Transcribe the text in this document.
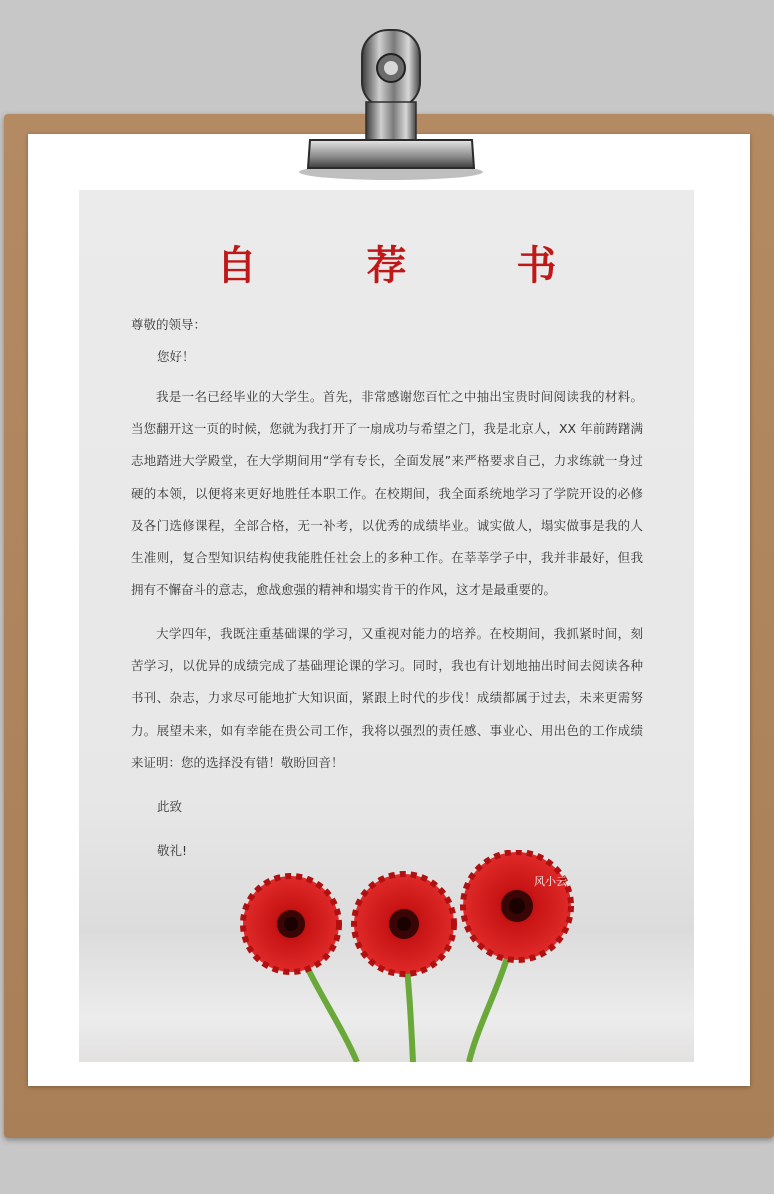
自 荐 书
尊敬的领导：
您好！
我是一名已经毕业的大学生。首先，非常感谢您百忙之中抽出宝贵时间阅读我的材料。当您翻开这一页的时候，您就为我打开了一扇成功与希望之门，我是北京人，XX 年前踌躇满志地踏进大学殿堂，在大学期间用“学有专长，全面发展”来严格要求自己，力求练就一身过硬的本领，以便将来更好地胜任本职工作。在校期间，我全面系统地学习了学院开设的必修及各门选修课程，全部合格，无一补考，以优秀的成绩毕业。诚实做人，塌实做事是我的人生准则，复合型知识结构使我能胜任社会上的多种工作。在莘莘学子中，我并非最好，但我拥有不懈奋斗的意志，愈战愈强的精神和塌实肯干的作风，这才是最重要的。
大学四年，我既注重基础课的学习，又重视对能力的培养。在校期间，我抓紧时间，刻苦学习，以优异的成绩完成了基础理论课的学习。同时，我也有计划地抽出时间去阅读各种书刊、杂志，力求尽可能地扩大知识面，紧跟上时代的步伐！成绩都属于过去，未来更需努力。展望未来，如有幸能在贵公司工作，我将以强烈的责任感、事业心、用出色的工作成绩来证明：您的选择没有错！敬盼回音！
此致
敬礼!
风小云
